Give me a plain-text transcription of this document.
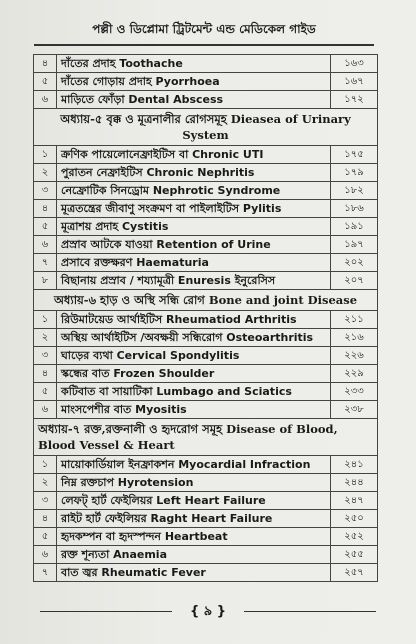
পল্লী ও ডিপ্লোমা ট্রিটমেন্ট এন্ড মেডিকেল গাইড
৪	দাঁতের প্রদাহ Toothache	১৬৩
৫	দাঁতের গোড়ায় প্রদাহ Pyorrhoea	১৬৭
৬	মাড়িতে ফোঁড়া Dental Abscess	১৭২
অধ্যায়-৫ বৃক্ক ও মূত্রনালীর রোগসমূহ Dieasea of Urinary System		
১	ক্রণিক পায়েলোনেফ্রাইটিস বা Chronic UTI	১৭৫
২	পুরাতন নেফ্রাইটিস Chronic Nephritis	১৭৯
৩	নেফ্রোটিক সিনড্রোম Nephrotic Syndrome	১৮২
৪	মূত্রতন্ত্রের জীবাণু সংক্রমণ বা পাইলাইটিস Pylitis	১৮৬
৫	মূত্রাশয় প্রদাহ Cystitis	১৯১
৬	প্রস্রাব আটকে যাওয়া Retention of Urine	১৯৭
৭	প্রসাবে রক্তক্ষরণ Haematuria	২০২
৮	বিছানায় প্রস্রাব / শয্যামূত্রী Enuresis ইনুরেসিস	২০৭
অধ্যায়-৬ হাড় ও অস্থি সন্ধি রোগ Bone and joint Disease		
১	রিউমাটয়েড আর্থাইটিস Rheumatiod Arthritis	২১১
২	অস্থিয় আর্থাইটিস /অবক্ষয়ী সন্ধিরোগ Osteoarthritis	২১৬
৩	ঘাড়ের ব্যথা Cervical Spondylitis	২২৬
৪	স্কন্ধের বাত Frozen Shoulder	২২৯
৫	কটিবাত বা সায়াটিকা Lumbago and Sciatics	২৩৩
৬	মাংসপেশীর বাত Myositis	২৩৮
অধ্যায়-৭ রক্ত,রক্তনালী ও হৃদরোগ সমূহ Disease of Blood, Blood Vessel & Heart		
১	মায়োকার্ডিয়াল ইনফ্রাকশন Myocardial Infraction	২৪১
২	নিম্ন রক্তচাপ Hyrotension	২৪৪
৩	লেফট্ হার্ট ফেইলিয়র Left Heart Failure	২৪৭
৪	রাইট হার্ট ফেইলিয়র Raght Heart Failure	২৫০
৫	হৃদকম্পন বা হৃদস্পন্দন Heartbeat	২৫২
৬	রক্ত শূন্যতা Anaemia	২৫৫
৭	বাত জ্বর Rheumatic Fever	২৫৭
{ ৯ }
